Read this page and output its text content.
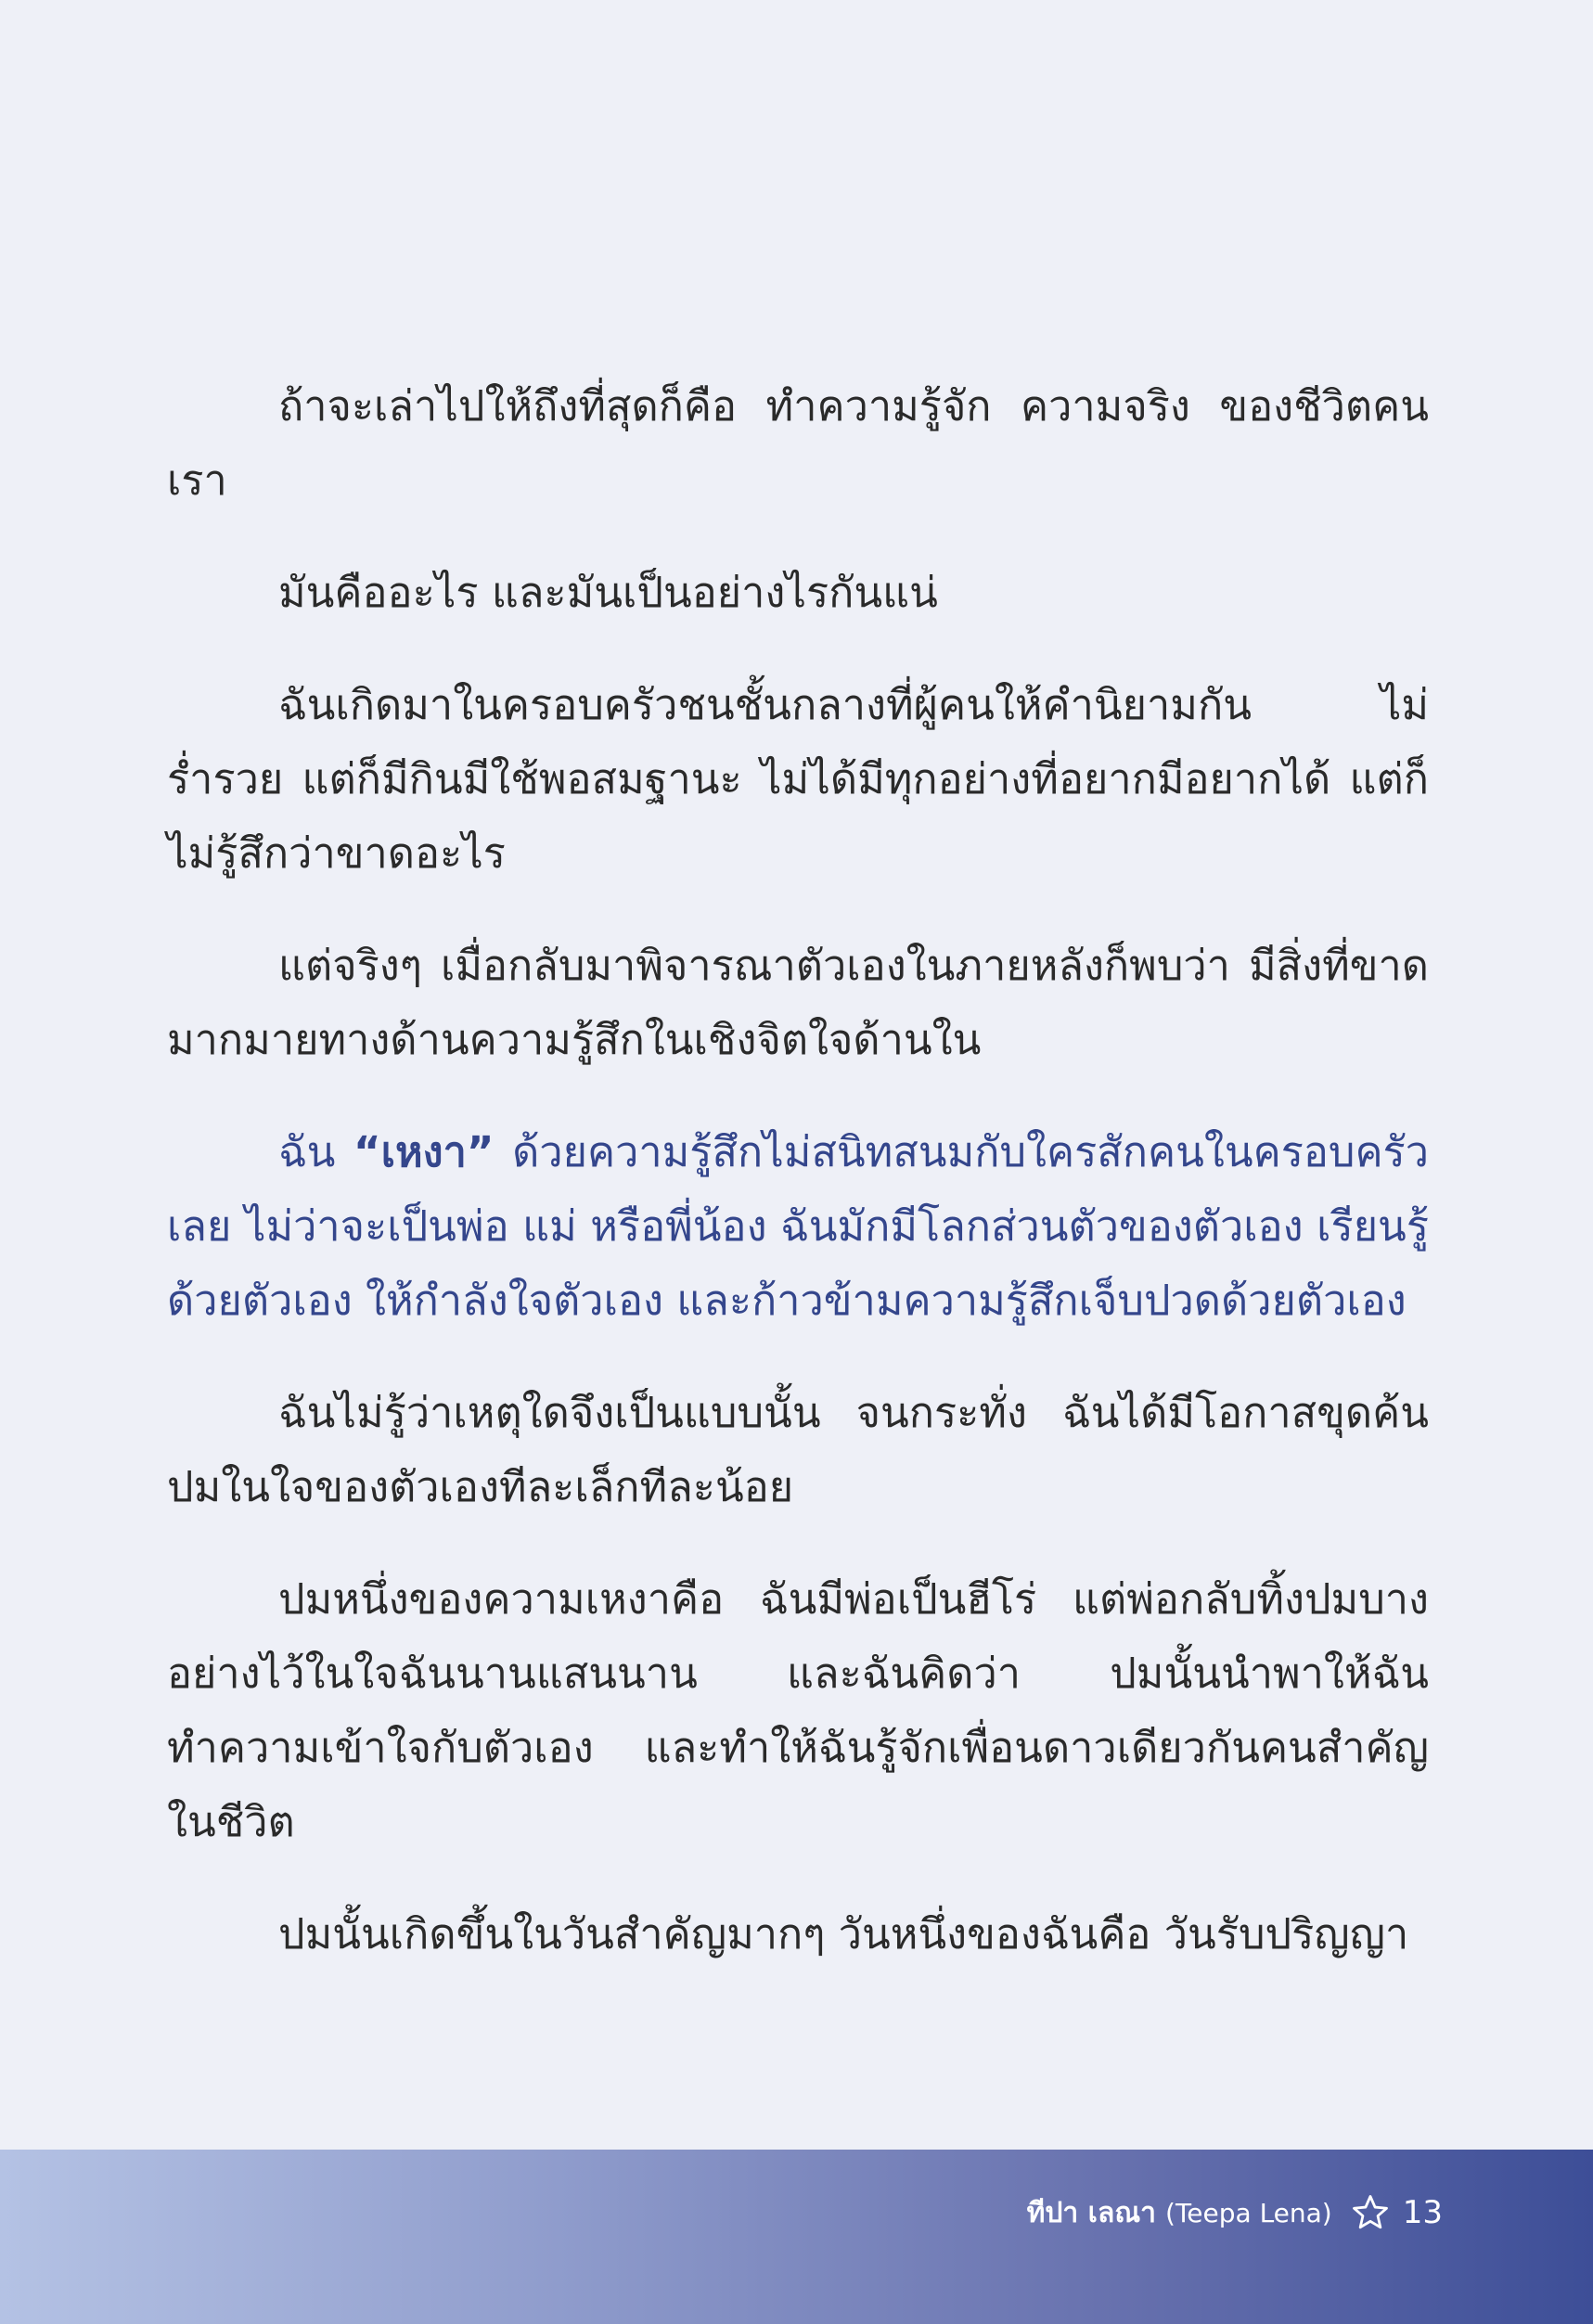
ถ้าจะเล่าไปให้ถึงที่สุดก็คือ ทำความรู้จัก ความจริง ของชีวิตคนเรา

มันคืออะไร และมันเป็นอย่างไรกันแน่

ฉันเกิดมาในครอบครัวชนชั้นกลางที่ผู้คนให้คำนิยามกัน ไม่ร่ำรวย แต่ก็มีกินมีใช้พอสมฐานะ ไม่ได้มีทุกอย่างที่อยากมีอยากได้ แต่ก็ไม่รู้สึกว่าขาดอะไร

แต่จริงๆ เมื่อกลับมาพิจารณาตัวเองในภายหลังก็พบว่า มีสิ่งที่ขาดมากมายทางด้านความรู้สึกในเชิงจิตใจด้านใน

ฉัน “เหงา” ด้วยความรู้สึกไม่สนิทสนมกับใครสักคนในครอบครัวเลย ไม่ว่าจะเป็นพ่อ แม่ หรือพี่น้อง ฉันมักมีโลกส่วนตัวของตัวเอง เรียนรู้ด้วยตัวเอง ให้กำลังใจตัวเอง และก้าวข้ามความรู้สึกเจ็บปวดด้วยตัวเอง

ฉันไม่รู้ว่าเหตุใดจึงเป็นแบบนั้น จนกระทั่ง ฉันได้มีโอกาสขุดค้นปมในใจของตัวเองทีละเล็กทีละน้อย

ปมหนึ่งของความเหงาคือ ฉันมีพ่อเป็นฮีโร่ แต่พ่อกลับทิ้งปมบางอย่างไว้ในใจฉันนานแสนนาน และฉันคิดว่า ปมนั้นนำพาให้ฉันทำความเข้าใจกับตัวเอง และทำให้ฉันรู้จักเพื่อนดาวเดียวกันคนสำคัญในชีวิต

ปมนั้นเกิดขึ้นในวันสำคัญมากๆ วันหนึ่งของฉันคือ วันรับปริญญา

ทีปา เลณา (Teepa Lena) 13
